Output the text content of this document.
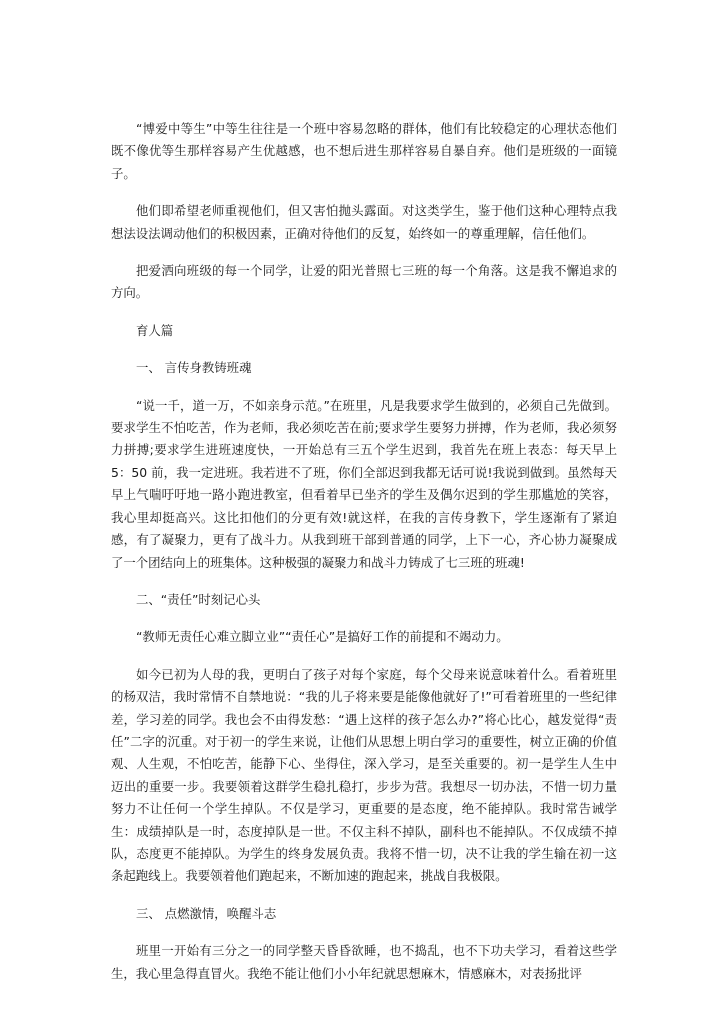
“博爱中等生”中等生往往是一个班中容易忽略的群体，他们有比较稳定的心理状态他们既不像优等生那样容易产生优越感，也不想后进生那样容易自暴自弃。他们是班级的一面镜子。

他们即希望老师重视他们，但又害怕抛头露面。对这类学生，鉴于他们这种心理特点我想法设法调动他们的积极因素，正确对待他们的反复，始终如一的尊重理解，信任他们。

把爱洒向班级的每一个同学，让爱的阳光普照七三班的每一个角落。这是我不懈追求的方向。

育人篇

一、 言传身教铸班魂

“说一千，道一万，不如亲身示范。”在班里，凡是我要求学生做到的，必须自己先做到。要求学生不怕吃苦，作为老师，我必须吃苦在前;要求学生要努力拼搏，作为老师，我必须努力拼搏;要求学生进班速度快，一开始总有三五个学生迟到，我首先在班上表态：每天早上 5：50 前，我一定进班。我若进不了班，你们全部迟到我都无话可说!我说到做到。虽然每天早上气喘吁吁地一路小跑进教室，但看着早已坐齐的学生及偶尔迟到的学生那尴尬的笑容，我心里却挺高兴。这比扣他们的分更有效!就这样，在我的言传身教下，学生逐渐有了紧迫感，有了凝聚力，更有了战斗力。从我到班干部到普通的同学，上下一心，齐心协力凝聚成了一个团结向上的班集体。这种极强的凝聚力和战斗力铸成了七三班的班魂!

二、“责任”时刻记心头

“教师无责任心难立脚立业”“责任心”是搞好工作的前提和不竭动力。

如今已初为人母的我，更明白了孩子对每个家庭，每个父母来说意味着什么。看着班里的杨双洁，我时常情不自禁地说：“我的儿子将来要是能像他就好了!”可看着班里的一些纪律差，学习差的同学。我也会不由得发愁：“遇上这样的孩子怎么办?”将心比心，越发觉得“责任”二字的沉重。对于初一的学生来说，让他们从思想上明白学习的重要性，树立正确的价值观、人生观，不怕吃苦，能静下心、坐得住，深入学习，是至关重要的。初一是学生人生中迈出的重要一步。我要领着这群学生稳扎稳打，步步为营。我想尽一切办法，不惜一切力量努力不让任何一个学生掉队。不仅是学习，更重要的是态度，绝不能掉队。我时常告诫学生：成绩掉队是一时，态度掉队是一世。不仅主科不掉队，副科也不能掉队。不仅成绩不掉队，态度更不能掉队。为学生的终身发展负责。我将不惜一切，决不让我的学生输在初一这条起跑线上。我要领着他们跑起来，不断加速的跑起来，挑战自我极限。

三、 点燃激情，唤醒斗志

班里一开始有三分之一的同学整天昏昏欲睡，也不捣乱，也不下功夫学习，看着这些学生，我心里急得直冒火。我绝不能让他们小小年纪就思想麻木，情感麻木，对表扬批评
